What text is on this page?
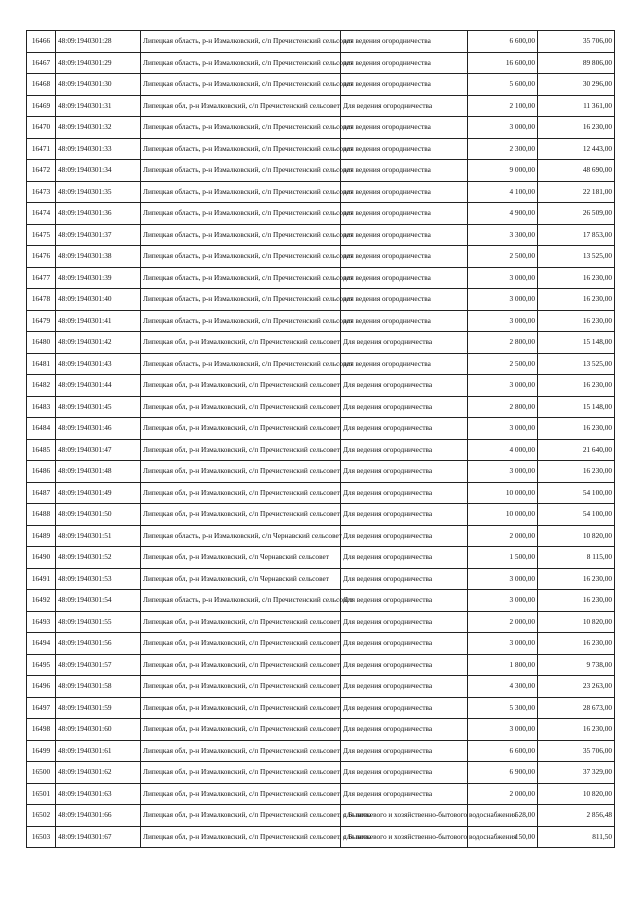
16466	48:09:1940301:28	Липецкая область, р-н Измалковский, с/п Пречистенский сельсовет	для ведения огородничества	6 600,00	35 706,00
16467	48:09:1940301:29	Липецкая область, р-н Измалковский, с/п Пречистенский сельсовет	для ведения огородничества	16 600,00	89 806,00
16468	48:09:1940301:30	Липецкая область, р-н Измалковский, с/п Пречистенский сельсовет	для ведения огородничества	5 600,00	30 296,00
16469	48:09:1940301:31	Липецкая обл, р-н Измалковский, с/п Пречистенский сельсовет	Для ведения огородничества	2 100,00	11 361,00
16470	48:09:1940301:32	Липецкая область, р-н Измалковский, с/п Пречистенский сельсовет	для ведения огородничества	3 000,00	16 230,00
16471	48:09:1940301:33	Липецкая область, р-н Измалковский, с/п Пречистенский сельсовет	для ведения огородничества	2 300,00	12 443,00
16472	48:09:1940301:34	Липецкая область, р-н Измалковский, с/п Пречистенский сельсовет	для ведения огородничества	9 000,00	48 690,00
16473	48:09:1940301:35	Липецкая область, р-н Измалковский, с/п Пречистенский сельсовет	для ведения огородничества	4 100,00	22 181,00
16474	48:09:1940301:36	Липецкая область, р-н Измалковский, с/п Пречистенский сельсовет	для ведения огородничества	4 900,00	26 509,00
16475	48:09:1940301:37	Липецкая область, р-н Измалковский, с/п Пречистенский сельсовет	для ведения огородничества	3 300,00	17 853,00
16476	48:09:1940301:38	Липецкая область, р-н Измалковский, с/п Пречистенский сельсовет	для ведения огородничества	2 500,00	13 525,00
16477	48:09:1940301:39	Липецкая область, р-н Измалковский, с/п Пречистенский сельсовет	для ведения огородничества	3 000,00	16 230,00
16478	48:09:1940301:40	Липецкая область, р-н Измалковский, с/п Пречистенский сельсовет	для ведения огородничества	3 000,00	16 230,00
16479	48:09:1940301:41	Липецкая область, р-н Измалковский, с/п Пречистенский сельсовет	для ведения огородничества	3 000,00	16 230,00
16480	48:09:1940301:42	Липецкая обл, р-н Измалковский, с/п Пречистенский сельсовет	Для ведения огородничества	2 800,00	15 148,00
16481	48:09:1940301:43	Липецкая область, р-н Измалковский, с/п Пречистенский сельсовет	для ведения огородничества	2 500,00	13 525,00
16482	48:09:1940301:44	Липецкая обл, р-н Измалковский, с/п Пречистенский сельсовет	Для ведения огородничества	3 000,00	16 230,00
16483	48:09:1940301:45	Липецкая обл, р-н Измалковский, с/п Пречистенский сельсовет	Для ведения огородничества	2 800,00	15 148,00
16484	48:09:1940301:46	Липецкая обл, р-н Измалковский, с/п Пречистенский сельсовет	Для ведения огородничества	3 000,00	16 230,00
16485	48:09:1940301:47	Липецкая обл, р-н Измалковский, с/п Пречистенский сельсовет	Для ведения огородничества	4 000,00	21 640,00
16486	48:09:1940301:48	Липецкая обл, р-н Измалковский, с/п Пречистенский сельсовет	Для ведения огородничества	3 000,00	16 230,00
16487	48:09:1940301:49	Липецкая обл, р-н Измалковский, с/п Пречистенский сельсовет	Для ведения огородничества	10 000,00	54 100,00
16488	48:09:1940301:50	Липецкая обл, р-н Измалковский, с/п Пречистенский сельсовет	Для ведения огородничества	10 000,00	54 100,00
16489	48:09:1940301:51	Липецкая область, р-н Измалковский, с/п Чернавский сельсовет	Для ведения огородничества	2 000,00	10 820,00
16490	48:09:1940301:52	Липецкая обл, р-н Измалковский, с/п Чернавский сельсовет	Для ведения огородничества	1 500,00	8 115,00
16491	48:09:1940301:53	Липецкая обл, р-н Измалковский, с/п Чернавский сельсовет	Для ведения огородничества	3 000,00	16 230,00
16492	48:09:1940301:54	Липецкая область, р-н Измалковский, с/п Пречистенский сельсовет	Для ведения огородничества	3 000,00	16 230,00
16493	48:09:1940301:55	Липецкая обл, р-н Измалковский, с/п Пречистенский сельсовет	Для ведения огородничества	2 000,00	10 820,00
16494	48:09:1940301:56	Липецкая обл, р-н Измалковский, с/п Пречистенский сельсовет	Для ведения огородничества	3 000,00	16 230,00
16495	48:09:1940301:57	Липецкая обл, р-н Измалковский, с/п Пречистенский сельсовет	Для ведения огородничества	1 800,00	9 738,00
16496	48:09:1940301:58	Липецкая обл, р-н Измалковский, с/п Пречистенский сельсовет	Для ведения огородничества	4 300,00	23 263,00
16497	48:09:1940301:59	Липецкая обл, р-н Измалковский, с/п Пречистенский сельсовет	Для ведения огородничества	5 300,00	28 673,00
16498	48:09:1940301:60	Липецкая обл, р-н Измалковский, с/п Пречистенский сельсовет	Для ведения огородничества	3 000,00	16 230,00
16499	48:09:1940301:61	Липецкая обл, р-н Измалковский, с/п Пречистенский сельсовет	Для ведения огородничества	6 600,00	35 706,00
16500	48:09:1940301:62	Липецкая обл, р-н Измалковский, с/п Пречистенский сельсовет	Для ведения огородничества	6 900,00	37 329,00
16501	48:09:1940301:63	Липецкая обл, р-н Измалковский, с/п Пречистенский сельсовет	Для ведения огородничества	2 000,00	10 820,00
16502	48:09:1940301:66	Липецкая обл, р-н Измалковский, с/п Пречистенский сельсовет, с Быково	для питьевого и хозяйственно-бытового водоснабжения	528,00	2 856,48
16503	48:09:1940301:67	Липецкая обл, р-н Измалковский, с/п Пречистенский сельсовет, с Быково	для питьевого и хозяйственно-бытового водоснабжения	150,00	811,50
